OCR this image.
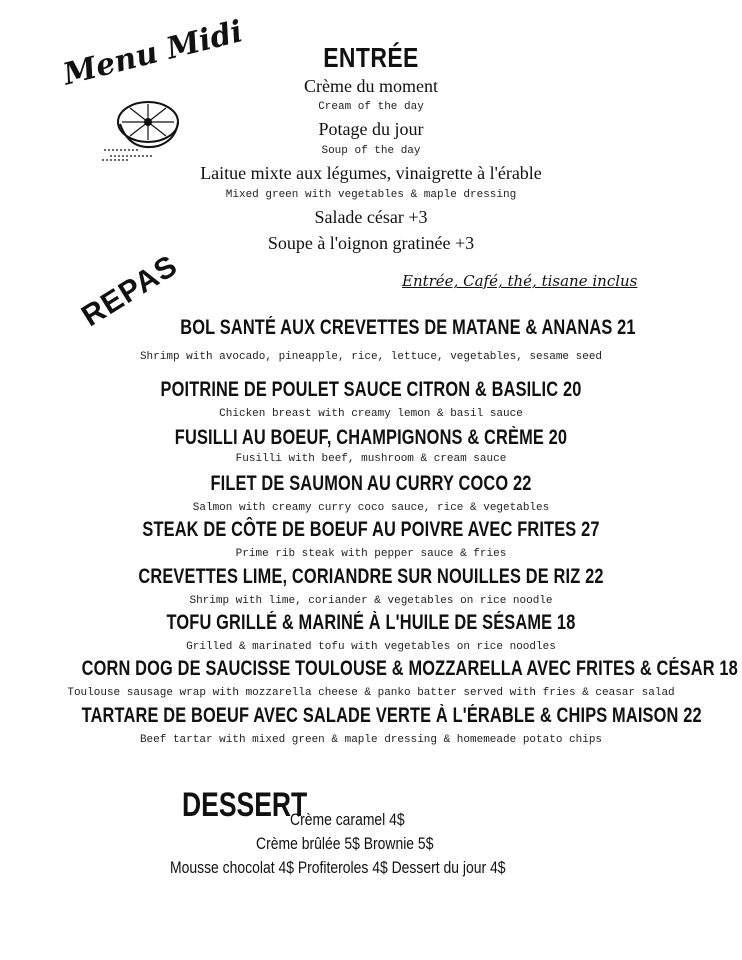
Menu Midi	ENTRÉE
Crème du moment
Cream of the day
Potage du jour
Soup of the day
Laitue mixte aux légumes, vinaigrette à l'érable
Mixed green with vegetables & maple dressing
Salade césar +3
Soupe à l'oignon gratinée +3
Entrée, Café, thé, tisane inclus
REPAS
BOL SANTÉ AUX CREVETTES DE MATANE & ANANAS 21
Shrimp with avocado, pineapple, rice, lettuce, vegetables, sesame seed
POITRINE DE POULET SAUCE CITRON & BASILIC 20
Chicken breast with creamy lemon & basil sauce
FUSILLI AU BOEUF, CHAMPIGNONS & CRÈME 20
Fusilli with beef, mushroom & cream sauce
FILET DE SAUMON AU CURRY COCO 22
Salmon with creamy curry coco sauce, rice & vegetables
STEAK DE CÔTE DE BOEUF AU POIVRE AVEC FRITES 27
Prime rib steak with pepper sauce & fries
CREVETTES LIME, CORIANDRE SUR NOUILLES DE RIZ 22
Shrimp with lime, coriander & vegetables on rice noodle
TOFU GRILLÉ & MARINÉ À L'HUILE DE SÉSAME 18
Grilled & marinated tofu with vegetables on rice noodles
CORN DOG DE SAUCISSE TOULOUSE & MOZZARELLA AVEC FRITES & CÉSAR 18
Toulouse sausage wrap with mozzarella cheese & panko batter served with fries & ceasar salad
TARTARE DE BOEUF AVEC SALADE VERTE À L'ÉRABLE & CHIPS MAISON 22
Beef tartar with mixed green & maple dressing & homemeade potato chips
DESSERT
Crème caramel 4$
Crème brûlée 5$ Brownie 5$
Mousse chocolat 4$ Profiteroles 4$ Dessert du jour 4$
